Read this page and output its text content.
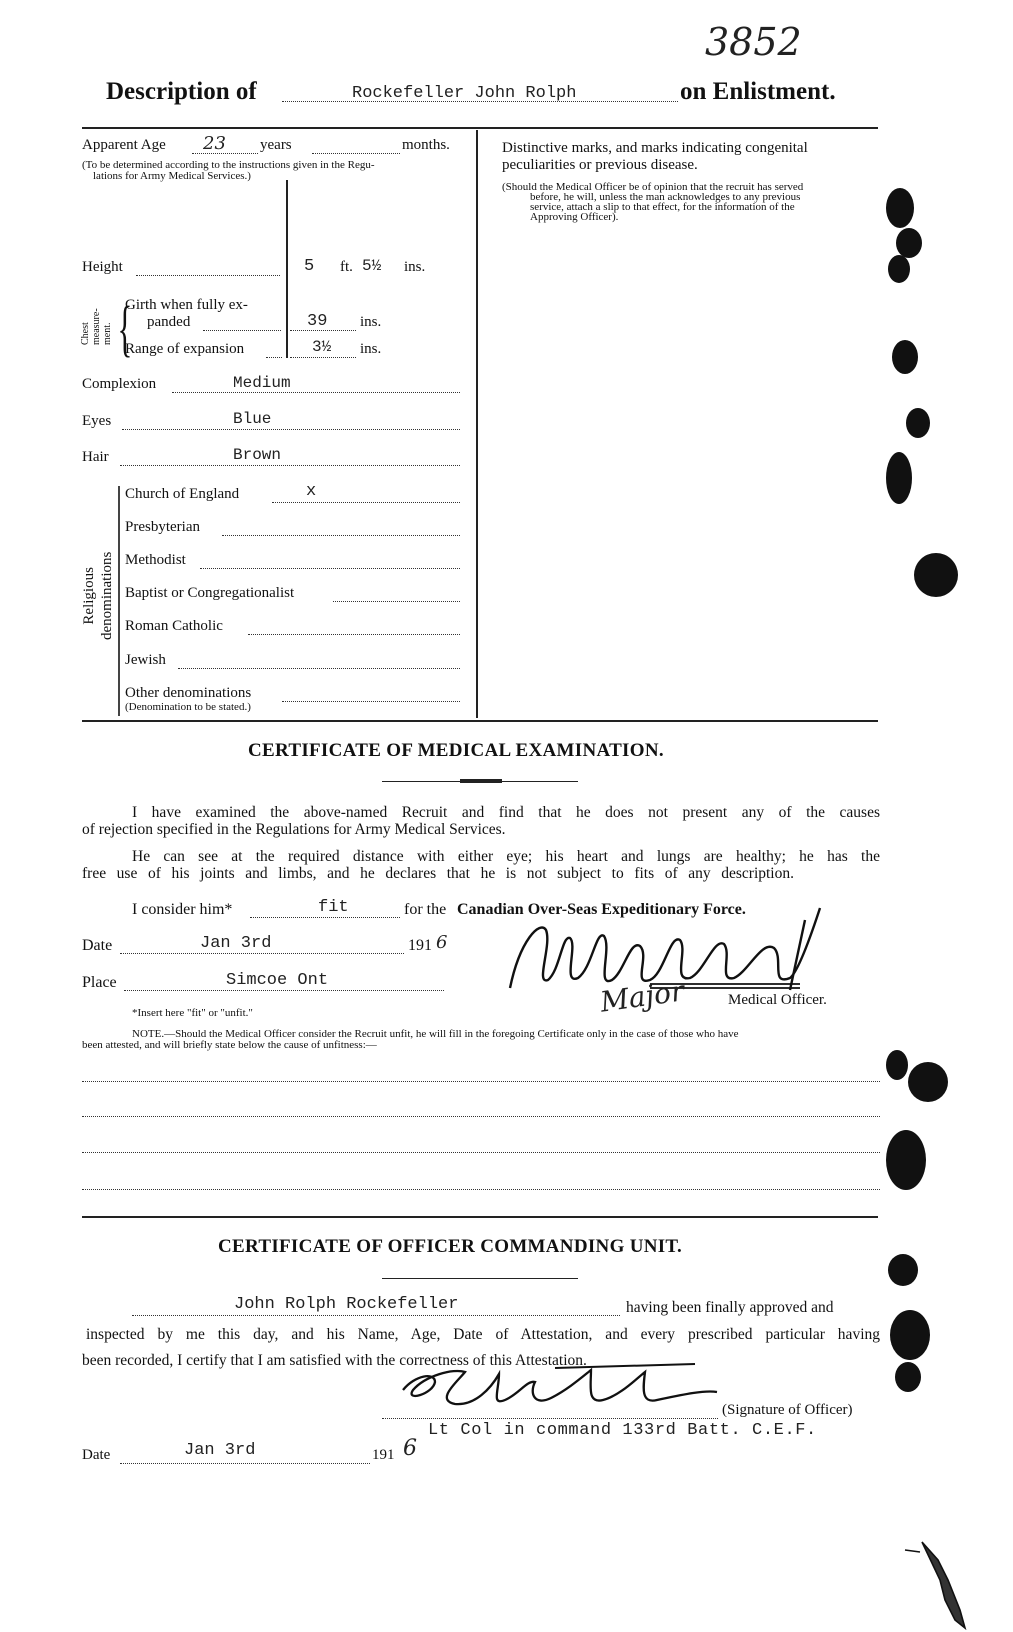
3852
Description of	Rockefeller John Rolph	on Enlistment.
Apparent Age 23 years	months.
(To be determined according to the instructions given in the Regu-
lations for Army Medical Services.)
Height	5 ft. 5½ ins.
Chest measure- ment. {
Girth when fully ex-
panded	39 ins.
Range of expansion	3½ ins.
Complexion	Medium
Eyes	Blue
Hair	Brown
Religious denominations
Church of England	x
Presbyterian
Methodist
Baptist or Congregationalist
Roman Catholic
Jewish
Other denominations
(Denomination to be stated.)
Distinctive marks, and marks indicating congenital
peculiarities or previous disease.
(Should the Medical Officer be of opinion that the recruit has served
before, he will, unless the man acknowledges to any previous
service, attach a slip to that effect, for the information of the
Approving Officer).
CERTIFICATE OF MEDICAL EXAMINATION.
I have examined the above-named Recruit and find that he does not present any of the causes
of rejection specified in the Regulations for Army Medical Services.
He can see at the required distance with either eye; his heart and lungs are healthy; he has the
free use of his joints and limbs, and he declares that he is not subject to fits of any description.
I consider him*	fit	for the Canadian Over-Seas Expeditionary Force.
Date	Jan 3rd	191 6
Place	Simcoe Ont
*Insert here "fit" or "unfit."	Major	Medical Officer.
NOTE.—Should the Medical Officer consider the Recruit unfit, he will fill in the foregoing Certificate only in the case of those who have
been attested, and will briefly state below the cause of unfitness:—
CERTIFICATE OF OFFICER COMMANDING UNIT.
John Rolph Rockefeller	having been finally approved and
inspected by me this day, and his Name, Age, Date of Attestation, and every prescribed particular having
been recorded, I certify that I am satisfied with the correctness of this Attestation.
(Signature of Officer)
Lt Col in command 133rd Batt. C.E.F.
Date	Jan 3rd	191 6
